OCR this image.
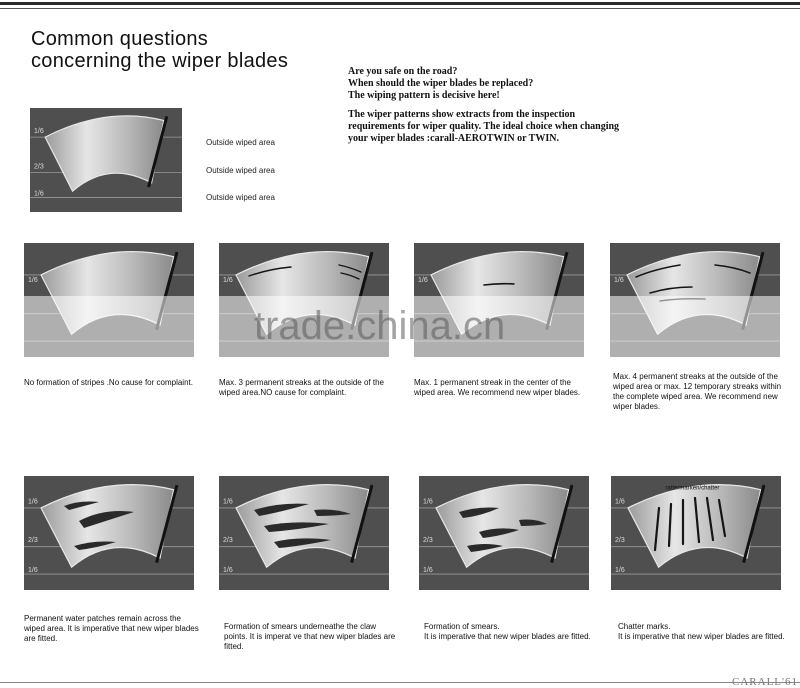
Common questions concerning the wiper blades	Are you safe on the road?
When should the wiper blades be replaced?
The wiping pattern is decisive here!

The wiper patterns show extracts from the inspection requirements for wiper quality. The ideal choice when changing your wiper blades :carall-AEROTWIN or TWIN.

1/6
2/3
1/6
Outside wiped area
Outside wiped area
Outside wiped area
1/6	1/6	1/6	1/6
1/6
2/3
1/6
1/6
2/3
1/6
1/6
2/3
1/6
1/6
2/3
1/6
rattermarken/chatter
trade.china.cn
No formation of stripes .No cause for complaint.	Max. 3 permanent streaks at the outside of the wiped area.NO cause for complaint.
Max. 1 permanent streak in the center of the wiped area. We recommend new wiper blades.
Max. 4 permanent streaks at the outside of the wiped area or max. 12 temporary streaks within the complete wiped area. We recommend new wiper blades.
Permanent water patches remain across the wiped area. It is imperative that new wiper blades are fitted.
Formation of smears underneathe the claw points. It is imperat ve that new wiper blades are fitted.
Formation of smears.
It is imperative that new wiper blades are fitted.
Chatter marks.
It is imperative that new wiper blades are fitted.
CARALL'61
